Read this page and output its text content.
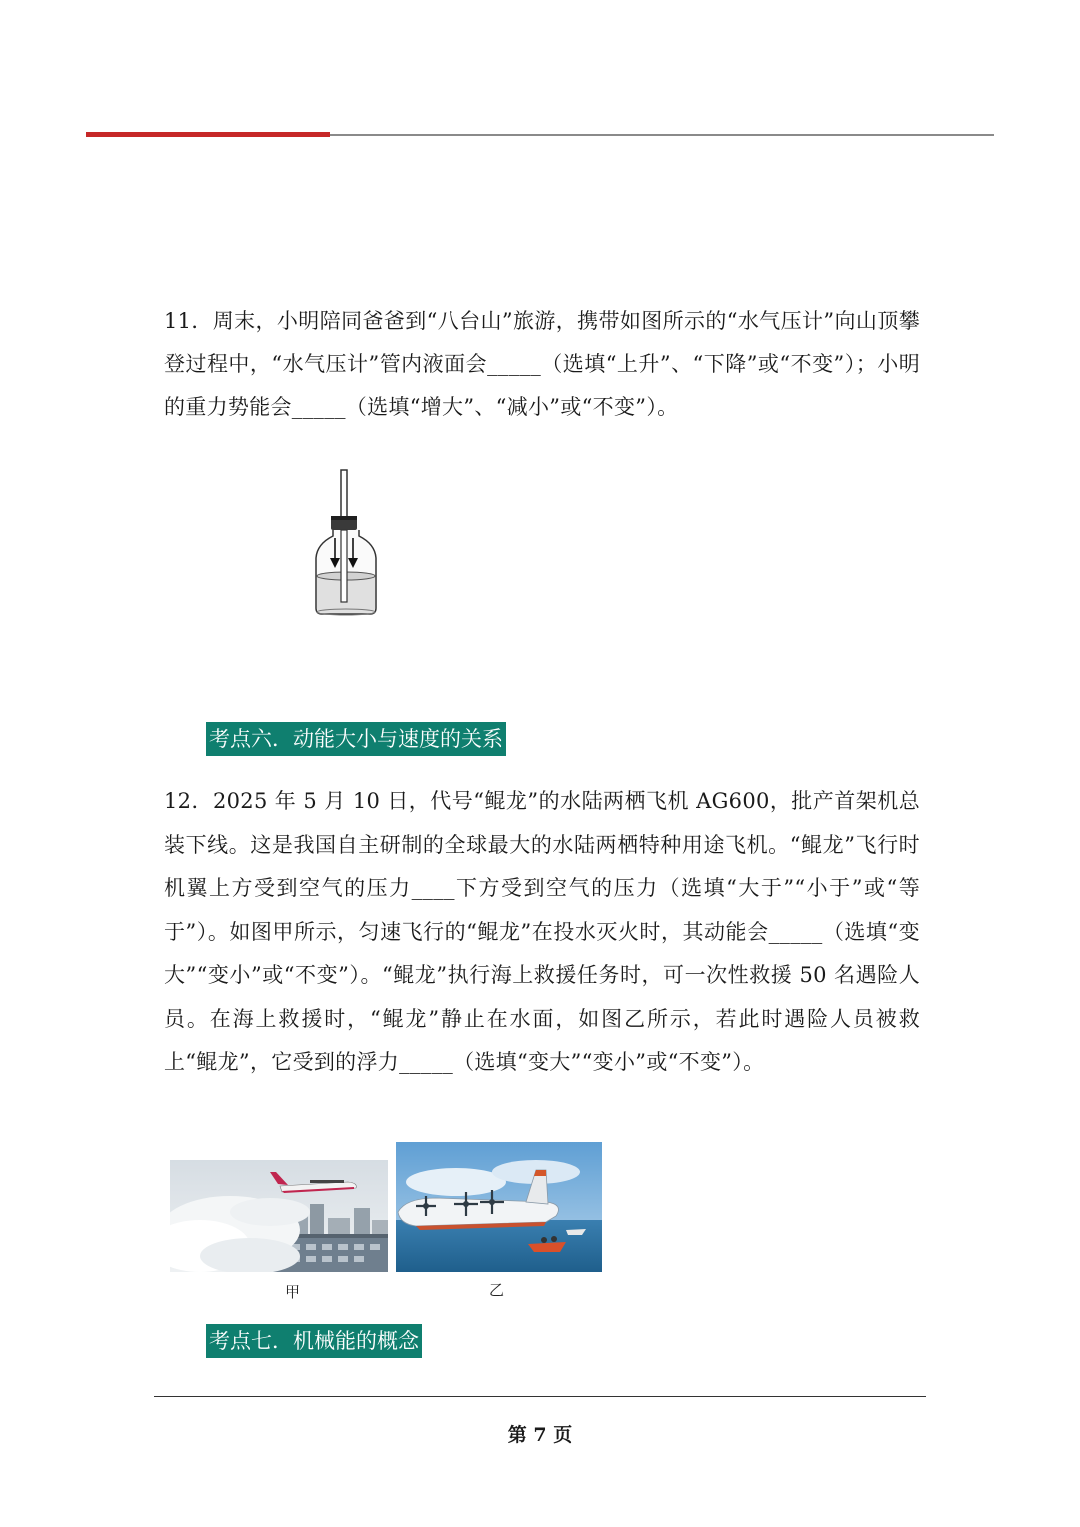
11．周末，小明陪同爸爸到“八台山”旅游，携带如图所示的“水气压计”向山顶攀登过程中，“水气压计”管内液面会_____（选填“上升”、“下降”或“不变”）；小明的重力势能会_____（选填“增大”、“减小”或“不变”）。

考点六．动能大小与速度的关系

12．2025 年 5 月 10 日，代号“鲲龙”的水陆两栖飞机 AG600，批产首架机总装下线。这是我国自主研制的全球最大的水陆两栖特种用途飞机。“鲲龙”飞行时机翼上方受到空气的压力____下方受到空气的压力（选填“大于”“小于”或“等于”）。如图甲所示，匀速飞行的“鲲龙”在投水灭火时，其动能会_____（选填“变大”“变小”或“不变”）。“鲲龙”执行海上救援任务时，可一次性救援 50 名遇险人员。在海上救援时，“鲲龙”静止在水面，如图乙所示，若此时遇险人员被救上“鲲龙”，它受到的浮力_____（选填“变大”“变小”或“不变”）。

甲	乙
考点七．机械能的概念
第 7 页
